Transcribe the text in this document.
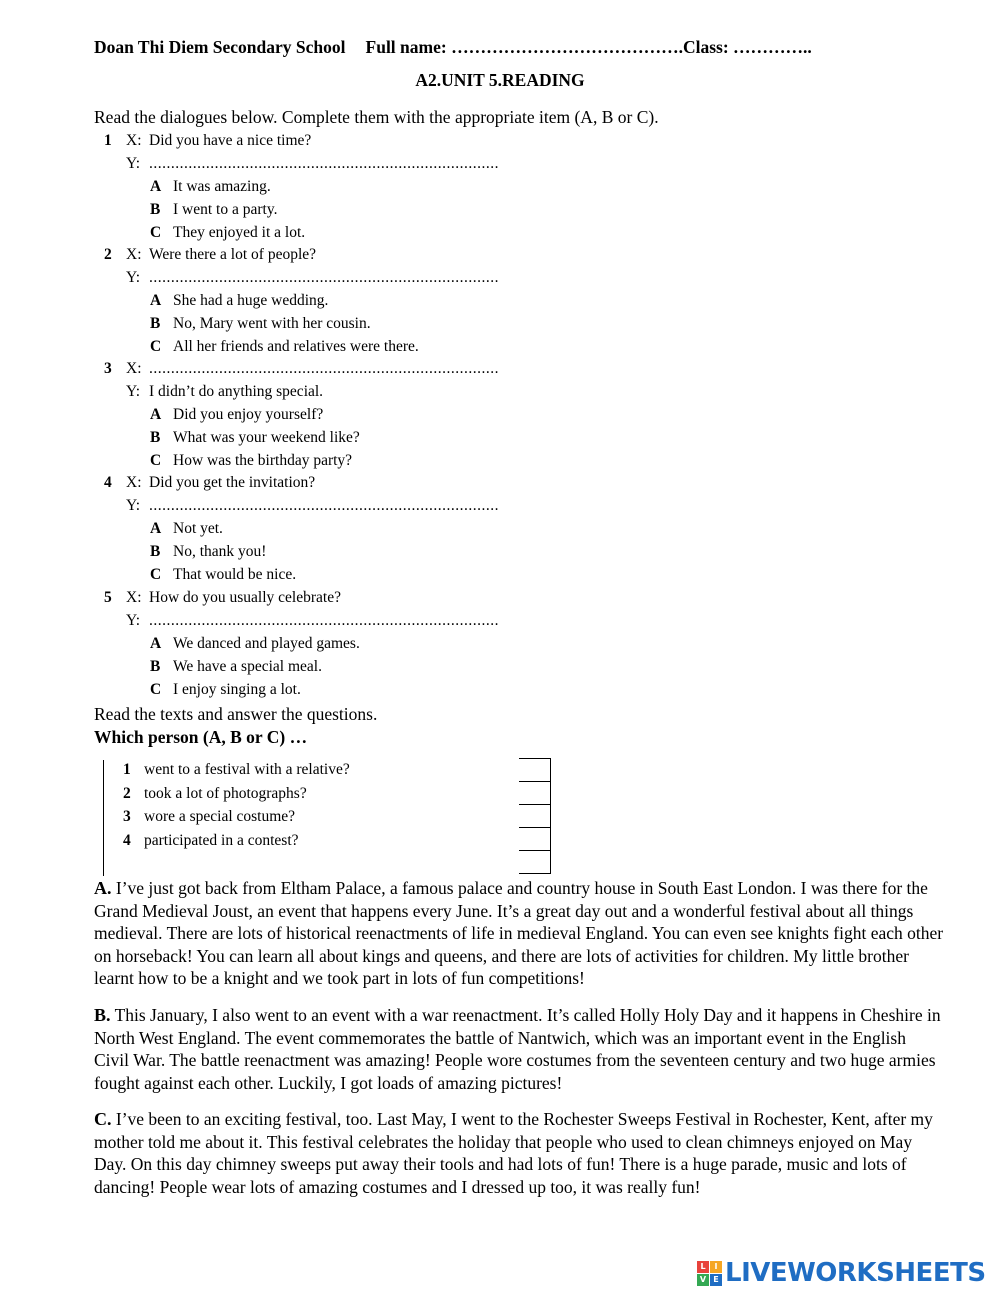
Doan Thi Diem Secondary School Full name: ………………………………….Class: …………..
A2.UNIT 5.READING
Read the dialogues below. Complete them with the appropriate item (A, B or C).
1 X: Did you have a nice time?
Y: ................................................................................
A It was amazing.
B I went to a party.
C They enjoyed it a lot.
2 X: Were there a lot of people?
Y: ................................................................................
A She had a huge wedding.
B No, Mary went with her cousin.
C All her friends and relatives were there.
3 X: ................................................................................
Y: I didn’t do anything special.
A Did you enjoy yourself?
B What was your weekend like?
C How was the birthday party?
4 X: Did you get the invitation?
Y: ................................................................................
A Not yet.
B No, thank you!
C That would be nice.
5 X: How do you usually celebrate?
Y: ................................................................................
A We danced and played games.
B We have a special meal.
C I enjoy singing a lot.
Read the texts and answer the questions.
Which person (A, B or C) …
1 went to a festival with a relative?
2 took a lot of photographs?
3 wore a special costume?
4 participated in a contest?
A. I’ve just got back from Eltham Palace, a famous palace and country house in South East London. I was there for the Grand Medieval Joust, an event that happens every June. It’s a great day out and a wonderful festival about all things medieval. There are lots of historical reenactments of life in medieval England. You can even see knights fight each other on horseback! You can learn all about kings and queens, and there are lots of activities for children. My little brother learnt how to be a knight and we took part in lots of fun competitions!
B. This January, I also went to an event with a war reenactment. It’s called Holly Holy Day and it happens in Cheshire in North West England. The event commemorates the battle of Nantwich, which was an important event in the English Civil War. The battle reenactment was amazing! People wore costumes from the seventeen century and two huge armies fought against each other. Luckily, I got loads of amazing pictures!
C. I’ve been to an exciting festival, too. Last May, I went to the Rochester Sweeps Festival in Rochester, Kent, after my mother told me about it. This festival celebrates the holiday that people who used to clean chimneys enjoyed on May Day. On this day chimney sweeps put away their tools and had lots of fun! There is a huge parade, music and lots of dancing! People wear lots of amazing costumes and I dressed up too, it was really fun!
L	I
V E LIVEWORKSHEETS
